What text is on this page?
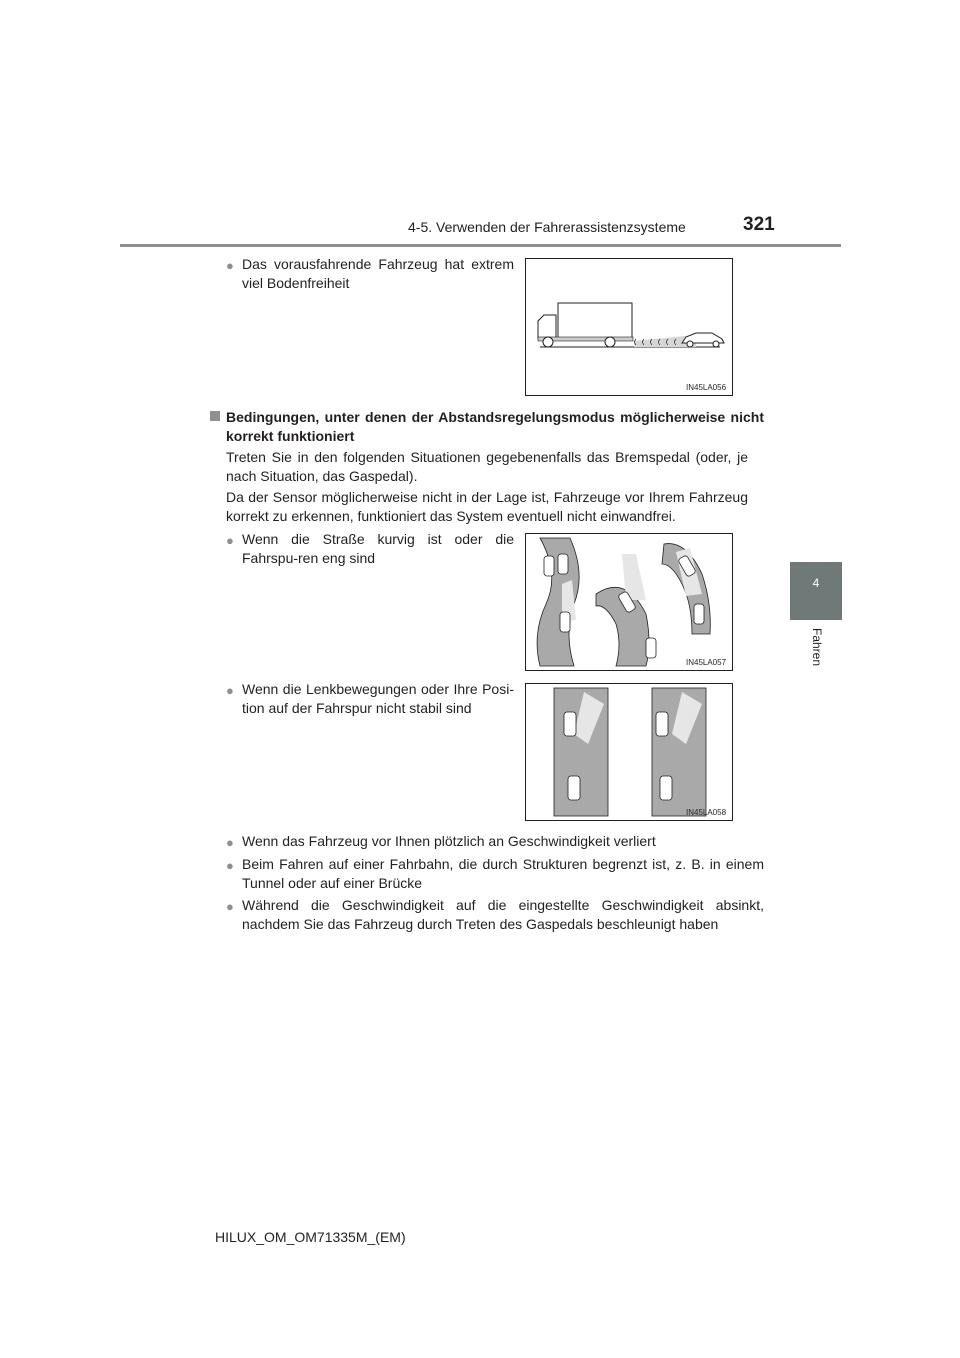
4-5. Verwenden der Fahrerassistenzsysteme	321
4
Fahren
● Das vorausfahrende Fahrzeug hat extrem viel Bodenfreiheit
IN45LA056
Bedingungen, unter denen der Abstandsregelungsmodus möglicherweise nicht korrekt funktioniert
Treten Sie in den folgenden Situationen gegebenenfalls das Bremspedal (oder, je nach Situation, das Gaspedal).
Da der Sensor möglicherweise nicht in der Lage ist, Fahrzeuge vor Ihrem Fahrzeug korrekt zu erkennen, funktioniert das System eventuell nicht einwandfrei.
● Wenn die Straße kurvig ist oder die Fahrspu-ren eng sind
IN45LA057
● Wenn die Lenkbewegungen oder Ihre Posi-tion auf der Fahrspur nicht stabil sind
IN45LA058
● Wenn das Fahrzeug vor Ihnen plötzlich an Geschwindigkeit verliert
● Beim Fahren auf einer Fahrbahn, die durch Strukturen begrenzt ist, z. B. in einem Tunnel oder auf einer Brücke
● Während die Geschwindigkeit auf die eingestellte Geschwindigkeit absinkt, nachdem Sie das Fahrzeug durch Treten des Gaspedals beschleunigt haben
HILUX_OM_OM71335M_(EM)
